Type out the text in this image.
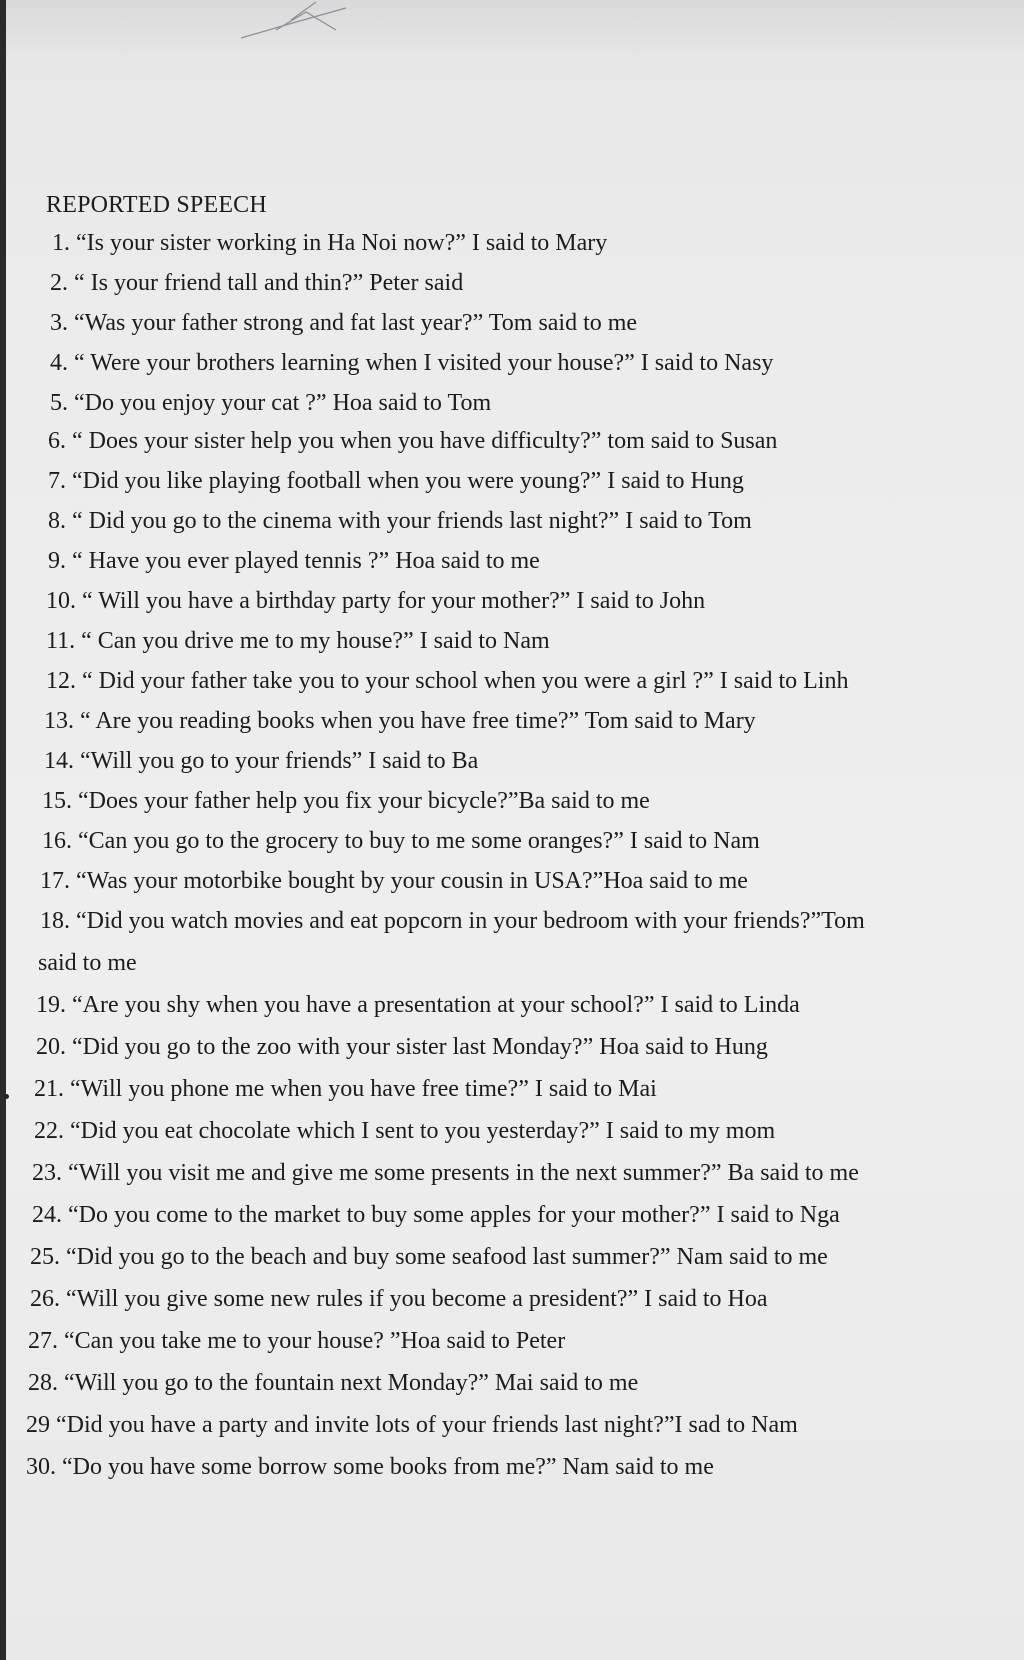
REPORTED SPEECH
1. “Is your sister working in Ha Noi now?” I said to Mary
2. “ Is your friend tall and thin?” Peter said
3. “Was your father strong and fat last year?” Tom said to me
4. “ Were your brothers learning when I visited your house?” I said to Nasy
5. “Do you enjoy your cat ?” Hoa said to Tom
6. “ Does your sister help you when you have difficulty?” tom said to Susan
7. “Did you like playing football when you were young?” I said to Hung
8. “ Did you go to the cinema with your friends last night?” I said to Tom
9. “ Have you ever played tennis ?” Hoa said to me
10. “ Will you have a birthday party for your mother?” I said to John
11. “ Can you drive me to my house?” I said to Nam
12. “ Did your father take you to your school when you were a girl ?” I said to Linh
13. “ Are you reading books when you have free time?” Tom said to Mary
14. “Will you go to your friends” I said to Ba
15. “Does your father help you fix your bicycle?”Ba said to me
16. “Can you go to the grocery to buy to me some oranges?” I said to Nam
17. “Was your motorbike bought by your cousin in USA?”Hoa said to me
18. “Did you watch movies and eat popcorn in your bedroom with your friends?”Tom
said to me
19. “Are you shy when you have a presentation at your school?” I said to Linda
20. “Did you go to the zoo with your sister last Monday?” Hoa said to Hung
21. “Will you phone me when you have free time?” I said to Mai
22. “Did you eat chocolate which I sent to you yesterday?” I said to my mom
23. “Will you visit me and give me some presents in the next summer?” Ba said to me
24. “Do you come to the market to buy some apples for your mother?” I said to Nga
25. “Did you go to the beach and buy some seafood last summer?” Nam said to me
26. “Will you give some new rules if you become a president?” I said to Hoa
27. “Can you take me to your house? ”Hoa said to Peter
28. “Will you go to the fountain next Monday?” Mai said to me
29 “Did you have a party and invite lots of your friends last night?”I sad to Nam
30. “Do you have some borrow some books from me?” Nam said to me
